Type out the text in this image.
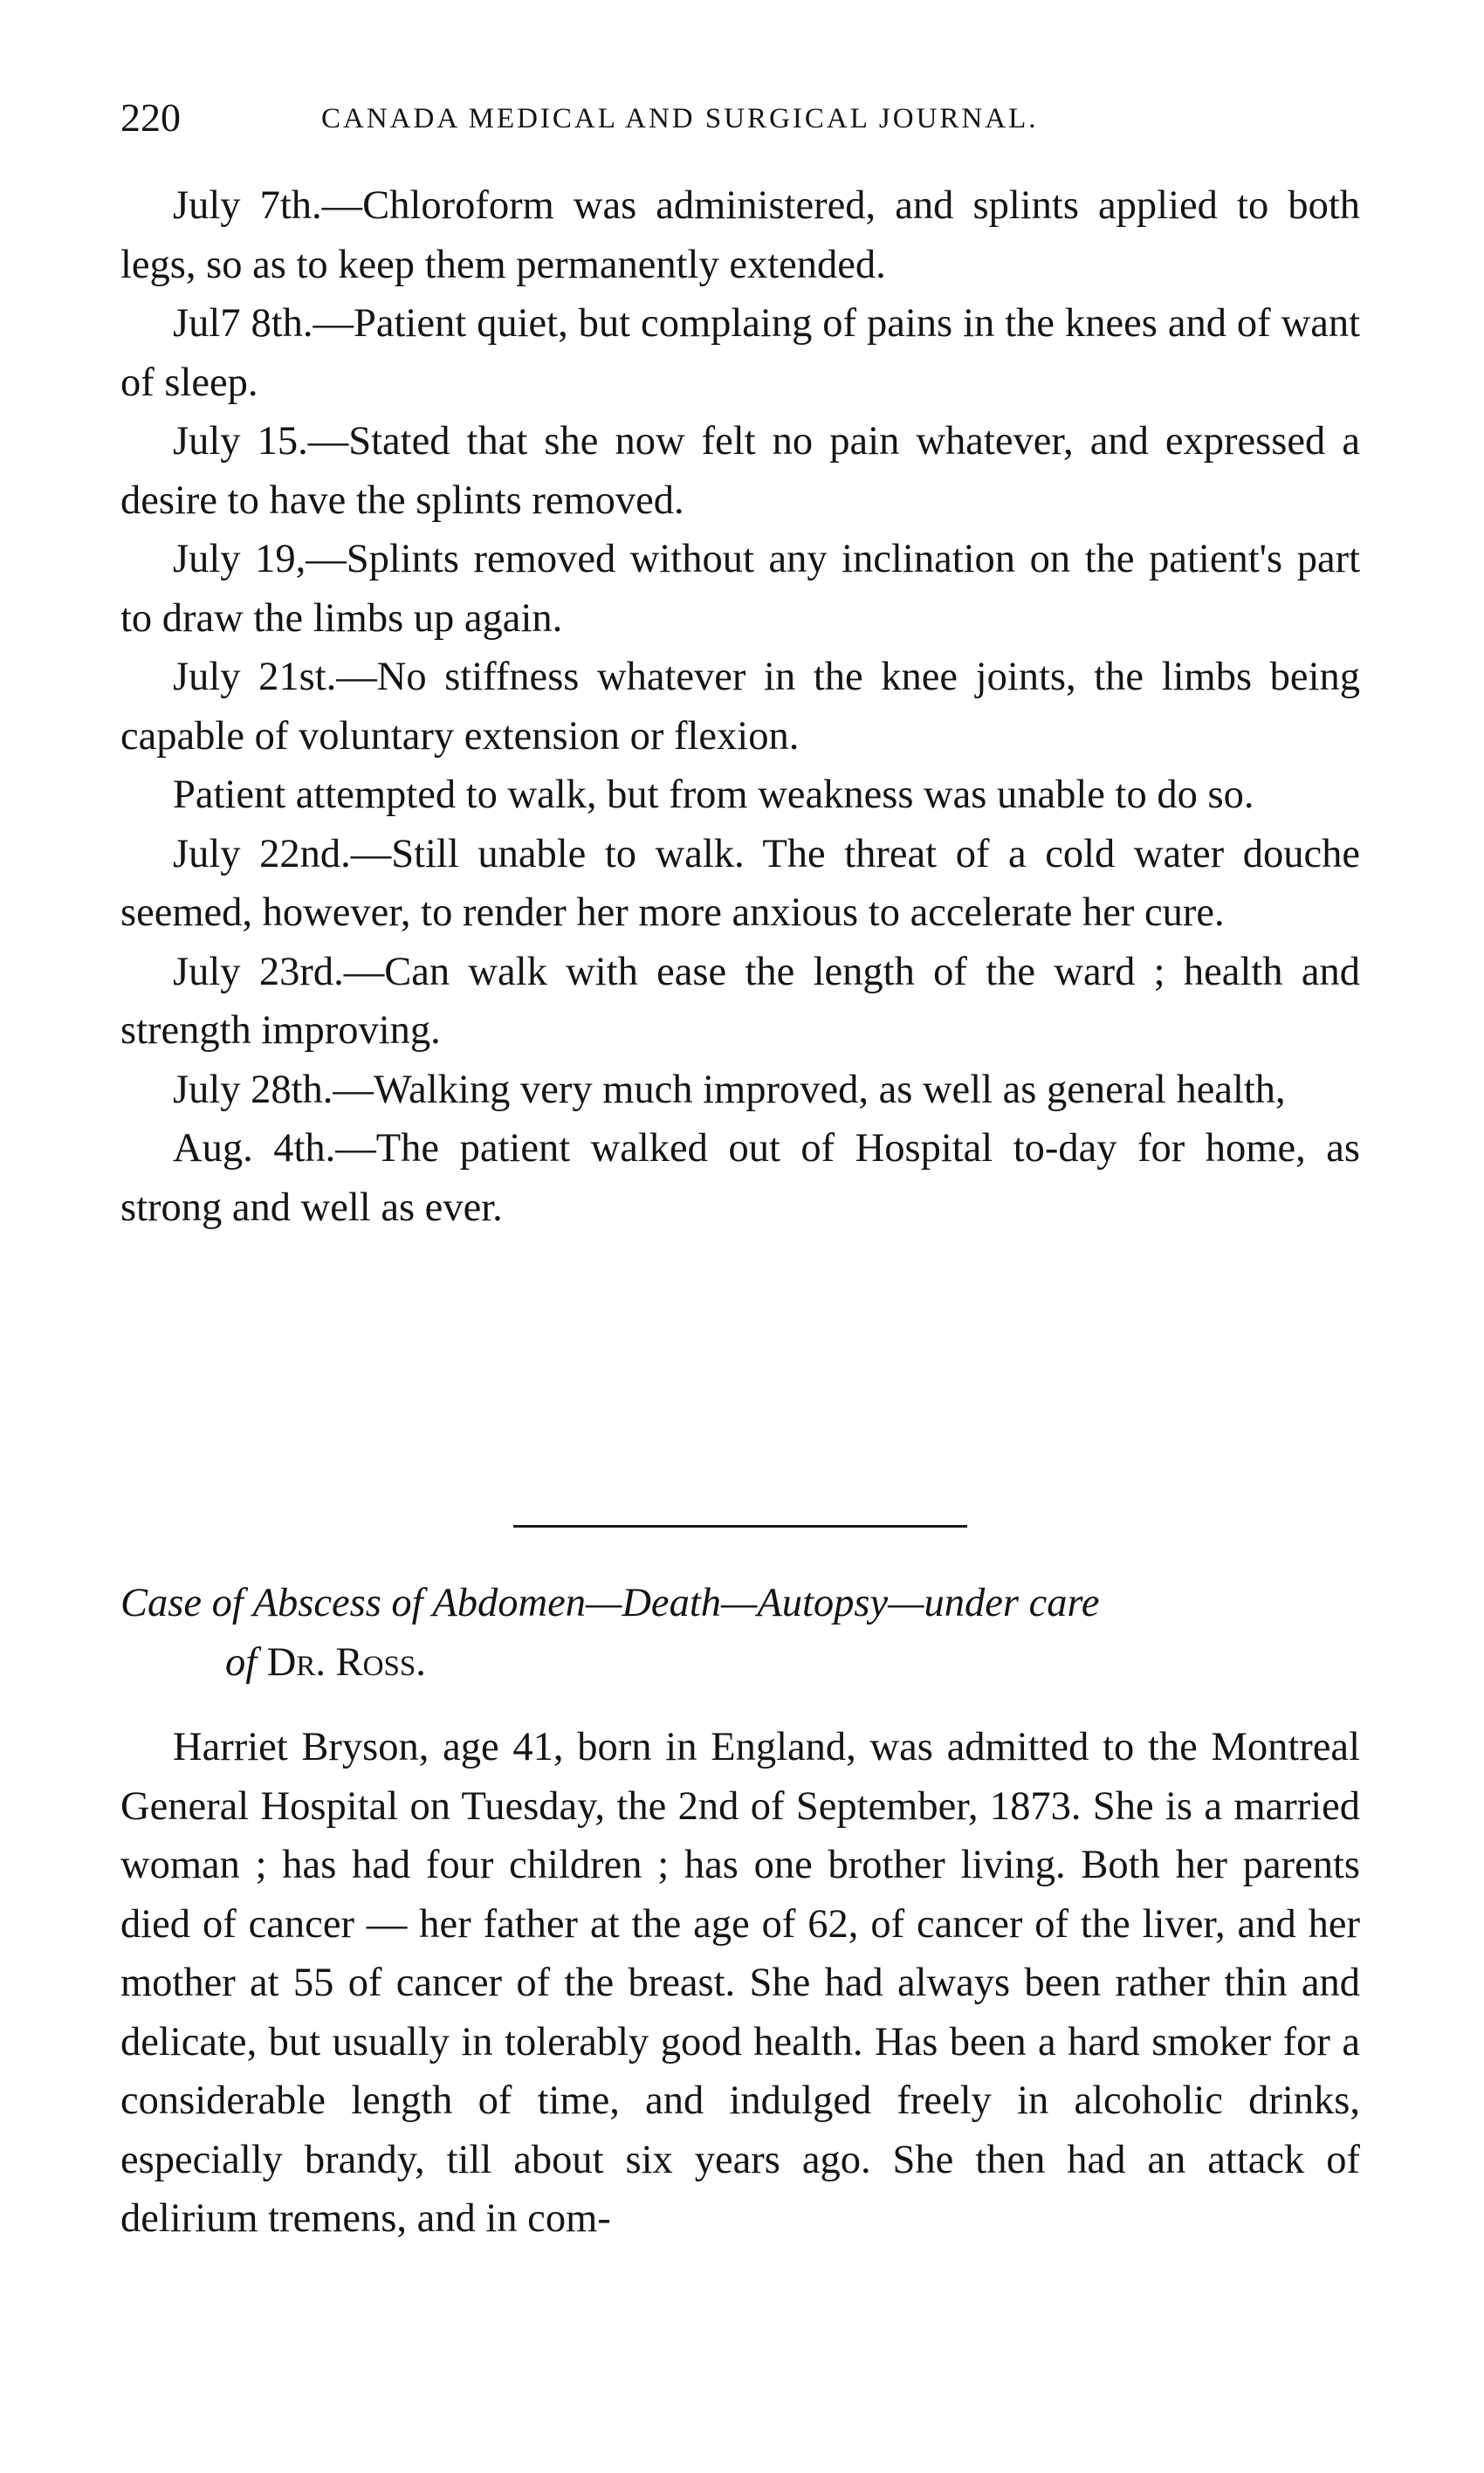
220	CANADA MEDICAL AND SURGICAL JOURNAL.

July 7th.—Chloroform was administered, and splints applied to both legs, so as to keep them permanently extended.

Jul7 8th.—Patient quiet, but complaing of pains in the knees and of want of sleep.

July 15.—Stated that she now felt no pain whatever, and expressed a desire to have the splints removed.

July 19,—Splints removed without any inclination on the patient's part to draw the limbs up again.

July 21st.—No stiffness whatever in the knee joints, the limbs being capable of voluntary extension or flexion.

Patient attempted to walk, but from weakness was unable to do so.

July 22nd.—Still unable to walk. The threat of a cold water douche seemed, however, to render her more anxious to accelerate her cure.

July 23rd.—Can walk with ease the length of the ward ; health and strength improving.

July 28th.—Walking very much improved, as well as general health,

Aug. 4th.—The patient walked out of Hospital to-day for home, as strong and well as ever.

Case of Abscess of Abdomen—Death—Autopsy—under care
of Dr. Ross.

Harriet Bryson, age 41, born in England, was admitted to the Montreal General Hospital on Tuesday, the 2nd of September, 1873. She is a married woman ; has had four children ; has one brother living. Both her parents died of cancer — her father at the age of 62, of cancer of the liver, and her mother at 55 of cancer of the breast. She had always been rather thin and delicate, but usually in tolerably good health. Has been a hard smoker for a considerable length of time, and indulged freely in alcoholic drinks, especially brandy, till about six years ago. She then had an attack of delirium tremens, and in com-
